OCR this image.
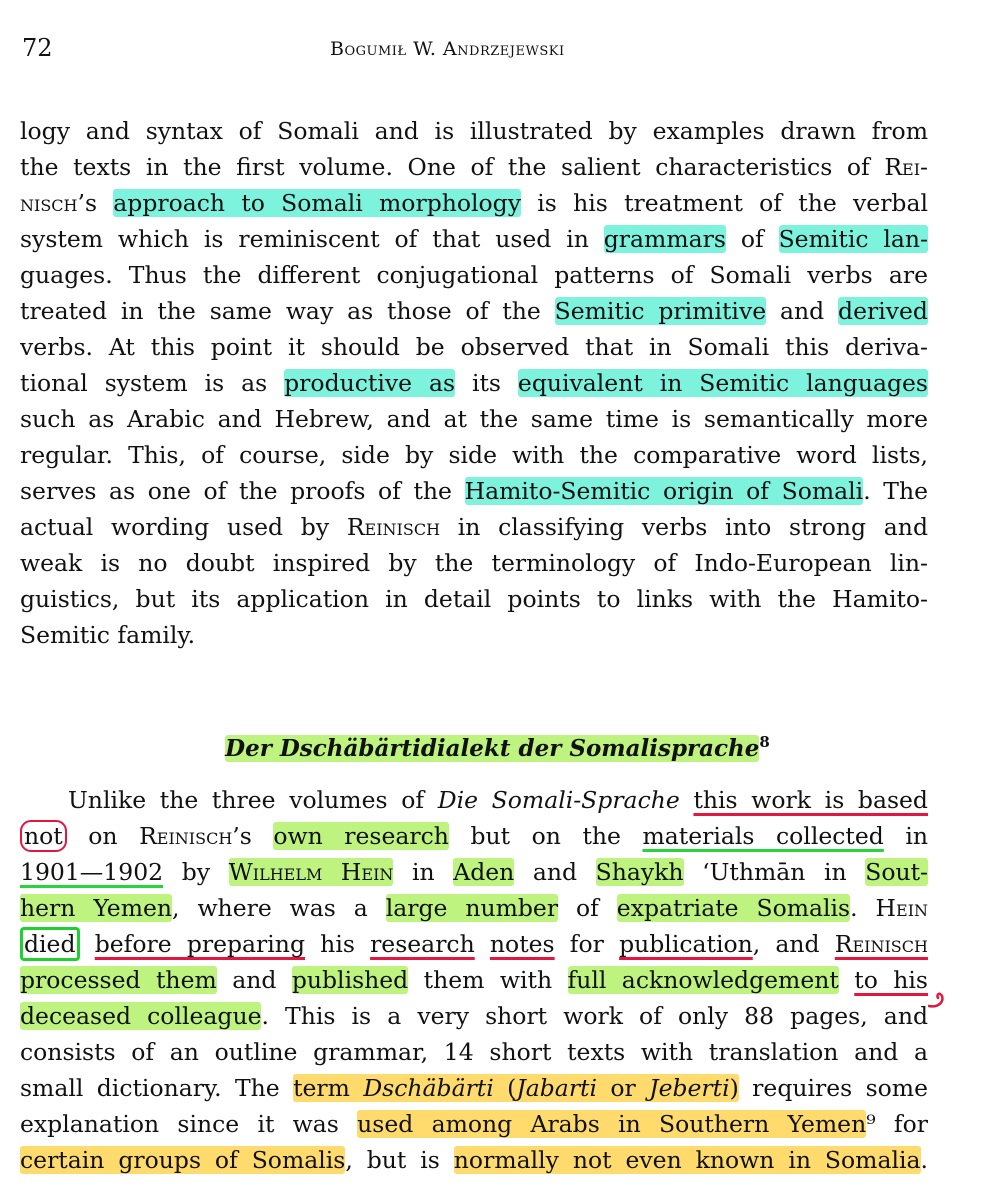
72	Bogumił W. Andrzejewski
logy and syntax of Somali and is illustrated by examples drawn from
the texts in the first volume. One of the salient characteristics of Rei-
nisch’s approach to Somali morphology is his treatment of the verbal
system which is reminiscent of that used in grammars of Semitic lan-
guages. Thus the different conjugational patterns of Somali verbs are
treated in the same way as those of the Semitic primitive and derived
verbs. At this point it should be observed that in Somali this deriva-
tional system is as productive as its equivalent in Semitic languages
such as Arabic and Hebrew, and at the same time is semantically more
regular. This, of course, side by side with the comparative word lists,
serves as one of the proofs of the Hamito-Semitic origin of Somali. The
actual wording used by Reinisch in classifying verbs into strong and
weak is no doubt inspired by the terminology of Indo-European lin-
guistics, but its application in detail points to links with the Hamito-
Semitic family.
Der Dschäbärtidialekt der Somalisprache$^8$
Unlike the three volumes of Die Somali-Sprache this work is based
not on Reinisch’s own research but on the materials collected in
1901—1902 by Wilhelm Hein in Aden and Shaykh ‘Uthmān in Sout-
hern Yemen, where was a large number of expatriate Somalis. Hein
died before preparing his research notes for publication, and Reinisch
processed them and published them with full acknowledgement to his
deceased colleague. This is a very short work of only 88 pages, and
consists of an outline grammar, 14 short texts with translation and a
small dictionary. The term Dschäbärti (Jabarti or Jeberti) requires some
explanation since it was used among Arabs in Southern Yemen⁹ for
certain groups of Somalis, but is normally not even known in Somalia.
